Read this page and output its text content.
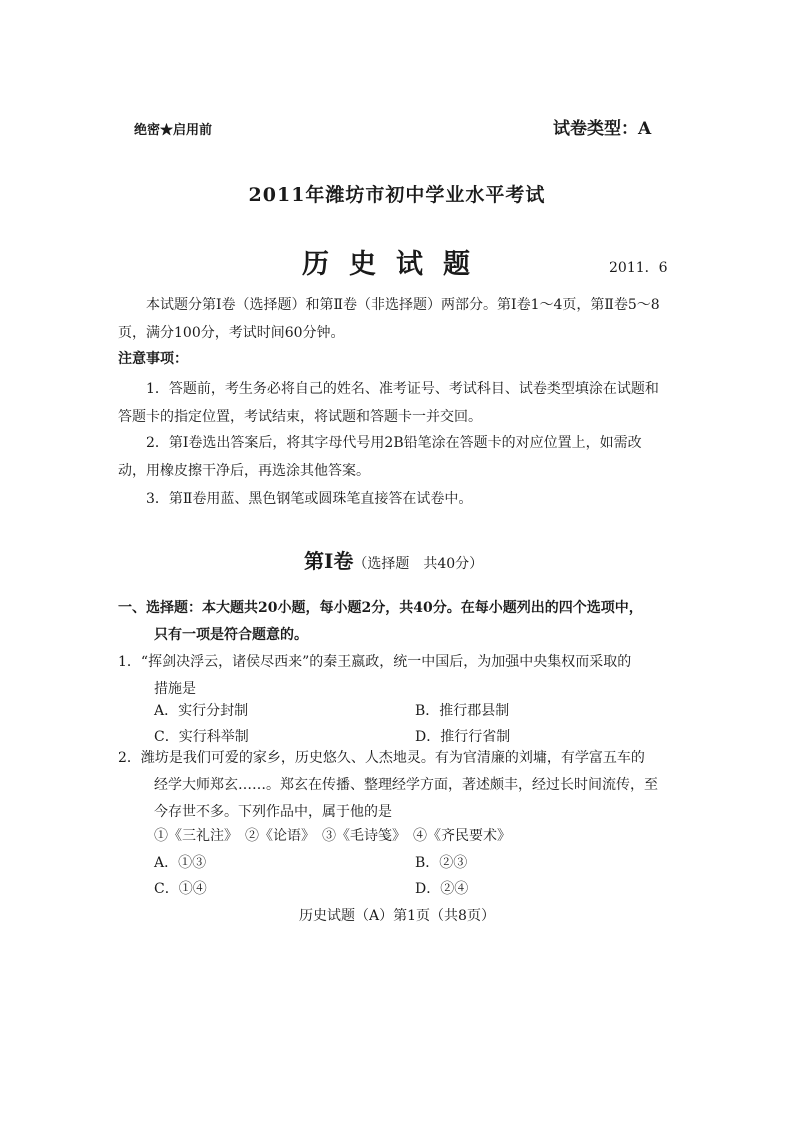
绝密★启用前	试卷类型：A
2011年潍坊市初中学业水平考试
历史试题	2011．6
本试题分第Ⅰ卷（选择题）和第Ⅱ卷（非选择题）两部分。第Ⅰ卷1～4页，第Ⅱ卷5～8页，满分100分，考试时间60分钟。
注意事项：
1．答题前，考生务必将自己的姓名、准考证号、考试科目、试卷类型填涂在试题和答题卡的指定位置，考试结束，将试题和答题卡一并交回。
2．第Ⅰ卷选出答案后，将其字母代号用2B铅笔涂在答题卡的对应位置上，如需改动，用橡皮擦干净后，再选涂其他答案。
3．第Ⅱ卷用蓝、黑色钢笔或圆珠笔直接答在试卷中。
第Ⅰ卷（选择题　共40分）
一、选择题：本大题共20小题，每小题2分，共40分。在每小题列出的四个选项中，
只有一项是符合题意的。
1．“挥剑决浮云，诸侯尽西来”的秦王嬴政，统一中国后，为加强中央集权而采取的
措施是
A．实行分封制	B．推行郡县制
C．实行科举制	D．推行行省制
2．潍坊是我们可爱的家乡，历史悠久、人杰地灵。有为官清廉的刘墉，有学富五车的
经学大师郑玄……。郑玄在传播、整理经学方面，著述颇丰，经过长时间流传，至
今存世不多。下列作品中，属于他的是
①《三礼注》　②《论语》　③《毛诗笺》　④《齐民要术》
A．①③	B．②③
C．①④	D．②④
历史试题（A）第1页（共8页）
